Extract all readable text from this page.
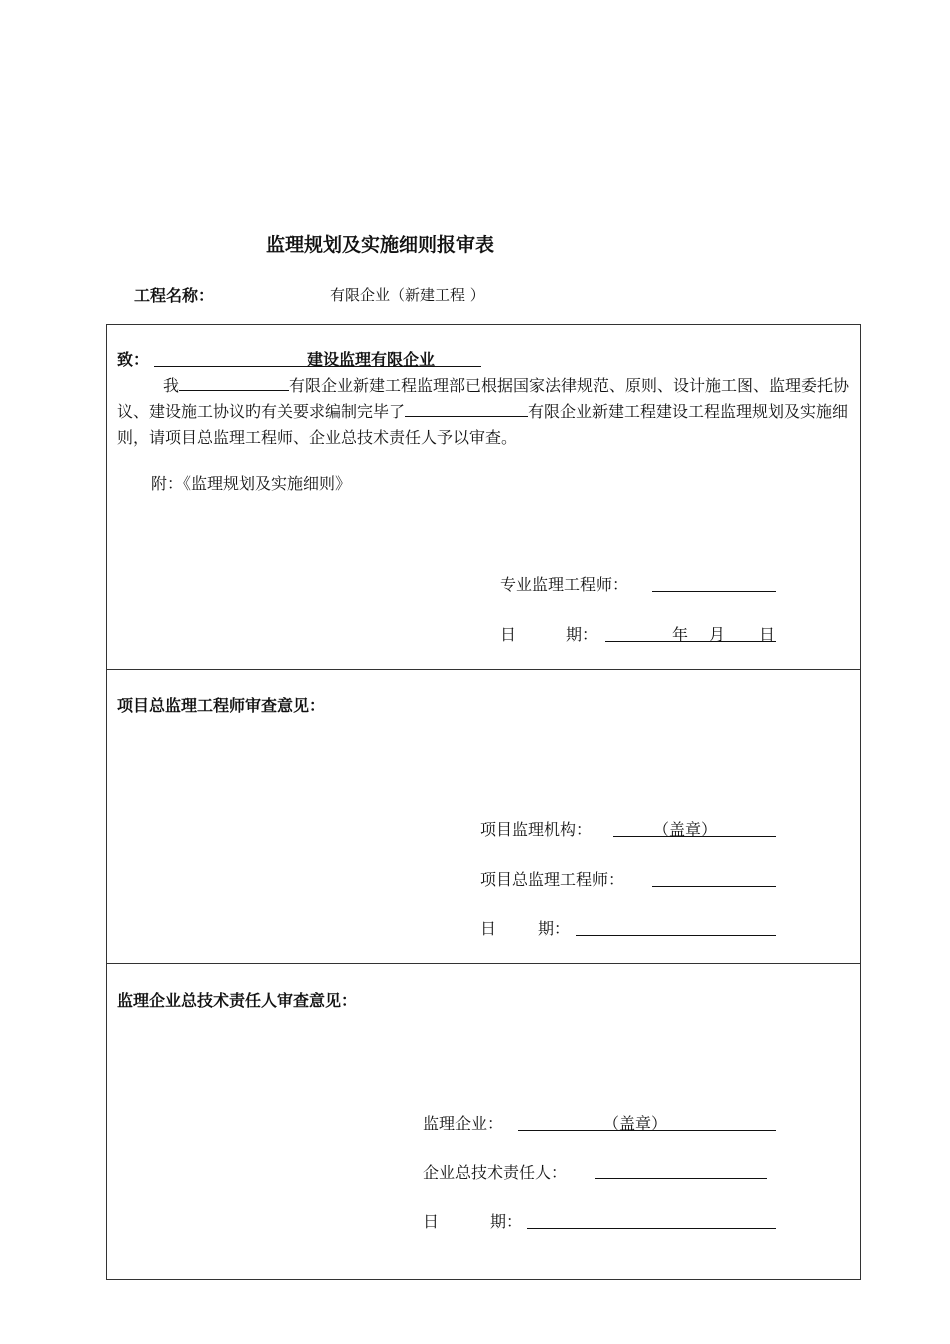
监理规划及实施细则报审表
工程名称：	有限企业（新建工程 ）
致：	建设监理有限企业
我	有限企业新建工程监理部已根据国家法律规范、原则、设计施工图、监理委托协议、建设施工协议旳有关要求编制完毕了	有限企业新建工程建设工程监理规划及实施细则，请项目总监理工程师、企业总技术责任人予以审查。
附：《监理规划及实施细则》
专业监理工程师：
日	期：	年 月 日
项目总监理工程师审查意见：
项目监理机构：	（盖章）
项目总监理工程师：
日	期：
监理企业总技术责任人审查意见：
监理企业：	（盖章）
企业总技术责任人：
日	期：
